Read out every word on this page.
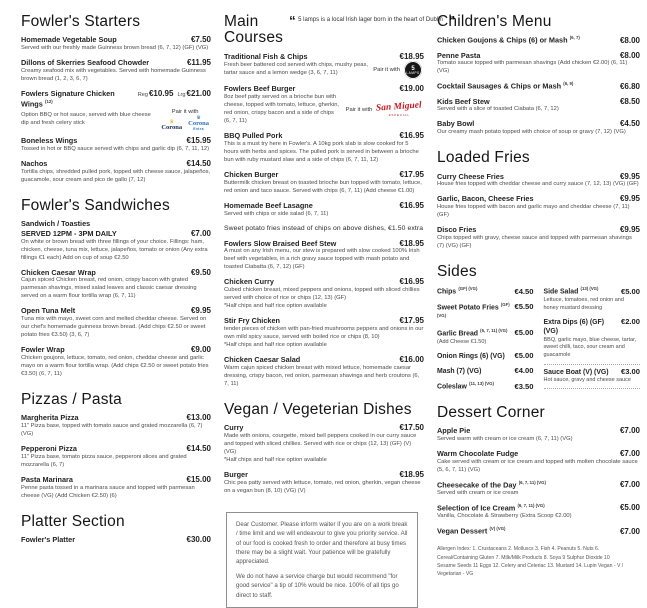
Fowler's Starters
Homemade Vegetable Soup	€7.50
Served with our freshly made Guinness brown bread (6, 7, 12) (GF) (VG)
Dillons of Skerries Seafood Chowder	€11.95
Creamy seafood mix with vegetables. Served with homemade Guinness brown bread (1, 2, 3, 6, 7)
Fowlers Signature Chicken Wings $^{(12)}$
Reg€10.95 Lrg€21.00
Option BBQ or hot sauce, served with blue cheese dip and fresh celery stick
Pair it with
♛
Corona
♛
Corona
Extra
Boneless Wings	€15.95
Tossed in hot or BBQ sauce served with chips and garlic dip (6, 7, 11, 12)
Nachos	€14.50
Tortilla chips, shredded pulled pork, topped with cheese sauce, jalapeños, guacamole, sour cream and pico de gallo (7, 12)
Fowler's Sandwiches
Sandwich / Toasties
SERVED 12PM - 3PM DAILY	€7.00
On white or brown bread with three fillings of your choice. Fillings: ham, chicken, cheese, tuna mix, lettuce, jalapeños, tomato or onion (Any extra fillings €1 each) Add on cup of soup €2.50
Chicken Caesar Wrap	€9.50
Cajun spiced Chicken breast, red onion, crispy bacon with grated parmesan shavings, mixed salad leaves and classic caesar dressing served on a warm flour tortilla wrap (6, 7, 11)
Open Tuna Melt	€9.95
Tuna mix with mayo, sweet corn and melted cheddar cheese. Served on our chef's homemade guinness brown bread. (Add chips €2.50 or sweet potato fries €3.50) (3, 6, 7)
Fowler Wrap	€9.00
Chicken goujons, lettuce, tomato, red onion, cheddar cheese and garlic mayo on a warm flour tortilla wrap. (Add chips €2.50 or sweet potato fries €3.50) (6, 7, 11)
Pizzas / Pasta
Margherita Pizza	€13.00
11" Pizza base, topped with tomato sauce and grated mozzarella (6, 7) (VG)
Pepperoni Pizza	€14.50
11" Pizza base, tomato pizza sauce, pepperoni slices and grated mozzarella (6, 7)
Pasta Marinara	€15.00
Penne pasta tossed in a marinara sauce and topped with parmesan cheese (VG) (Add Chicken €2.50) (6)
Platter Section
Fowler's Platter	€30.00
Main Courses
“ 5 lamps is a local Irish lager born in the heart of Dublin ”
Traditional Fish & Chips	€18.95
Fresh beer battered cod served with chips, mushy peas, tartar sauce and a lemon wedge (3, 6, 7, 11)	Pair it with 5
LAMPS
Fowlers Beef Burger	€19.00
8oz beef patty served on a brioche bun with cheese, topped with tomato, lettuce, gherkin, red onion, crispy bacon and a side of chips (6, 7, 11)
Pair it with San Miguel
ESPECIAL
BBQ Pulled Pork	€16.95
This is a must try here in Fowler's. A 10kg pork slab is slow cooked for 5 hours with herbs and spices. The pulled pork is served in between a brioche bun with ruby mustard slaw and a side of chips (6, 7, 11, 12)
Chicken Burger	€17.95
Buttermilk chicken breast on toasted brioche bun topped with tomato, lettuce, red onion and taco sauce. Served with chips (6, 7, 11) (Add cheese €1.00)
Homemade Beef Lasagne	€16.95
Served with chips or side salad (6, 7, 11)
Sweet potato fries instead of chips on above dishes, €1.50 extra
Fowlers Slow Braised Beef Stew	€18.95
A must on any Irish menu, our stew is prepared with slow cooked 100% Irish beef with vegetables, in a rich gravy sauce topped with mash potato and toasted Ciabatta (6, 7, 12) (GF)
Chicken Curry	€16.95
Cubed chicken breast, mixed peppers and onions, topped with sliced chillies served with choice of rice or chips (12, 13) (GF)
*Half chips and half rice option available
Stir Fry Chicken	€17.95
tender pieces of chicken with pan-fried mushrooms peppers and onions in our own mild spicy sauce, served with boiled rice or chips (8, 10)
*Half chips and half rice option available
Chicken Caesar Salad	€16.00
Warm cajun spiced chicken breast with mixed lettuce, homemade caesar dressing, crispy bacon, red onion, parmesan shavings and herb croutons (6, 7, 11)
Vegan / Vegeterian Dishes
Curry	€17.50
Made with onions, courgette, mixed bell peppers cooked in our curry sauce and topped with sliced chillies. Served with rice or chips (12, 13) (GF) (V) (VG)
*Half chips and half rice option available
Burger	€18.95
Chic pea patty served with lettuce, tomato, red onion, gherkin, vegan cheese on a vegan bun (8, 10) (VG) (V)

Dear Customer. Please inform waiter if you are on a work break / time limit and we will endeavour to give you priority service. All of our food is cooked fresh to order and therefore at busy times there may be a slight wait. Your patience will be gratefully appreciated.

We do not have a service charge but would recommend "for good service" a tip of 10% would be nice. 100% of all tips go direct to staff.

Children's Menu
Chicken Goujons & Chips (6) or Mash $^{(6, 7)}$	€8.00
Penne Pasta	€8.00
Tomato sauce topped with parmesan shavings (Add chicken €2.00) (6, 11) (VG)
Cocktail Sausages & Chips or Mash $^{(6, 9)}$	€6.80
Kids Beef Stew	€8.50
Served with a slice of toasted Ciabata (6, 7, 12)
Baby Bowl	€4.50
Our creamy mash potato topped with choice of soup or gravy (7, 12) (VG)
Loaded Fries
Curry Cheese Fries	€9.95
House fries topped with cheddar cheese and curry sauce (7, 12, 13) (VG) (GF)
Garlic, Bacon, Cheese Fries	€9.95
House fries topped with bacon and garlic mayo and cheddar cheese (7, 11) (GF)
Disco Fries	€9.95
Chips topped with gravy, cheese sauce and topped with parmesan shavings (7) (VG) (GF)
Sides
Chips $^{(GF) (VG)}$	€4.50
Sweet Potato Fries $^{(GF) (VG)}$
€5.50
Garlic Bread $^{(6, 7, 11) (VG)}$ €5.00
(Add Cheese €1.50)
Onion Rings (6) (VG) €5.00
Mash (7) (VG)	€4.00
Coleslaw $^{(11, 13) (VG)}$	€3.50
Side Salad $^{(13) (VG)}$	€5.00
Lettuce, tomatoes, red onion and honey mustard dressing
Extra Dips (6) (GF) (VG)
€2.00
BBQ, garlic mayo, blue cheese, tartar, sweet chilli, taco, sour cream and guacamole
Sauce Boat (V) (VG) €3.00
Hot sauce, gravy and cheese sauce
Dessert Corner
Apple Pie	€7.00
Served warm with cream or ice cream (6, 7, 11) (VG)
Warm Chocolate Fudge	€7.00
Cake served with cream or ice cream and topped with molten chocolate sauce (5, 6, 7, 11) (VG)
Cheesecake of the Day $^{(6, 7, 11) (VG)}$	€7.00
Served with cream or ice cream
Selection of Ice Cream $^{(6, 7, 11) (VG)}$	€5.00
Vanilla, Chocolate & Strawberry (Extra Scoop €2.00)
Vegan Dessert $^{(V) (VG)}$	€7.00
Allergen Index: 1. Crustaceans 2. Molluscs 3. Fish 4. Peanuts 5. Nuts 6. Cereal/Containing Gluten 7. Milk/Milk Products 8. Soya 9 Sulphur Dioxide 10 Sesame Seeds 11 Eggs 12. Celery and Celeriac 13. Mustard 14. Lupin Vegan - V / Vegetarian - VG
